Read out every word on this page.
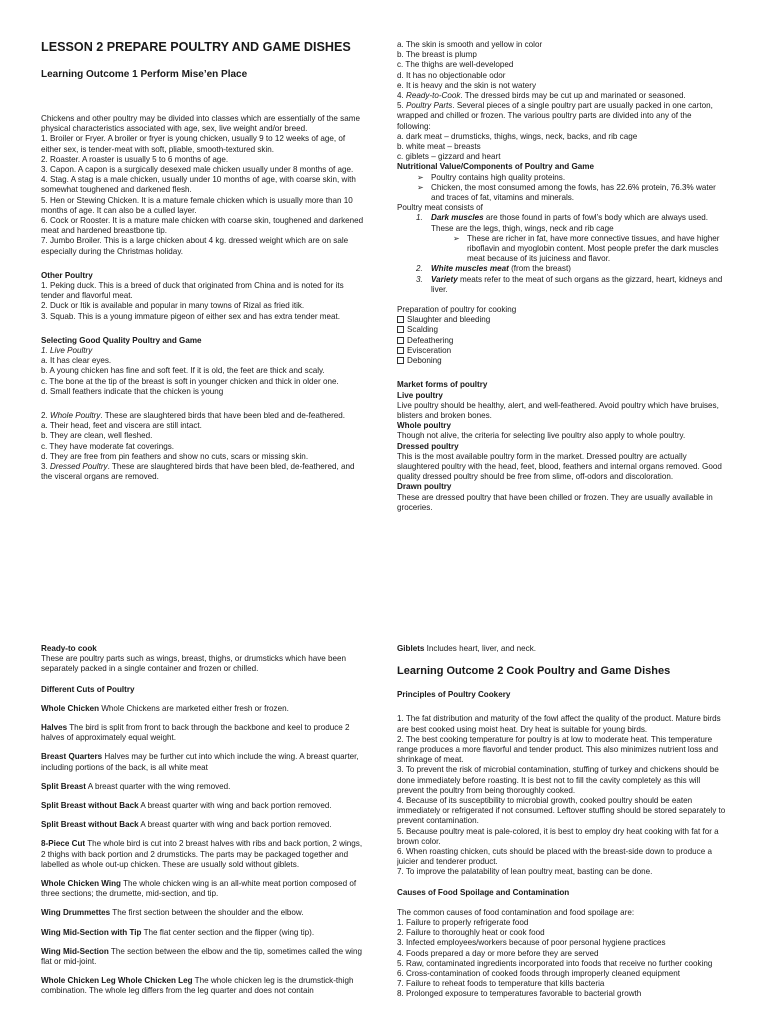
LESSON 2 PREPARE POULTRY AND GAME DISHES

Learning Outcome 1 Perform Mise’en Place

Chickens and other poultry may be divided into classes which are essentially of the same physical characteristics associated with age, sex, live weight and/or breed.

1. Broiler or Fryer. A broiler or fryer is young chicken, usually 9 to 12 weeks of age, of either sex, is tender-meat with soft, pliable, smooth-textured skin.

2. Roaster. A roaster is usually 5 to 6 months of age.

3. Capon. A capon is a surgically desexed male chicken usually under 8 months of age.

4. Stag. A stag is a male chicken, usually under 10 months of age, with coarse skin, with somewhat toughened and darkened flesh.

5. Hen or Stewing Chicken. It is a mature female chicken which is usually more than 10 months of age. It can also be a culled layer.

6. Cock or Rooster. It is a mature male chicken with coarse skin, toughened and darkened meat and hardened breastbone tip.

7. Jumbo Broiler. This is a large chicken about 4 kg. dressed weight which are on sale especially during the Christmas holiday.

Other Poultry

1. Peking duck. This is a breed of duck that originated from China and is noted for its tender and flavorful meat.

2. Duck or Itik is available and popular in many towns of Rizal as fried itik.

3. Squab. This is a young immature pigeon of either sex and has extra tender meat.

Selecting Good Quality Poultry and Game

1. Live Poultry

a. It has clear eyes.

b. A young chicken has fine and soft feet. If it is old, the feet are thick and scaly.

c. The bone at the tip of the breast is soft in younger chicken and thick in older one.

d. Small feathers indicate that the chicken is young

2. Whole Poultry. These are slaughtered birds that have been bled and de-feathered.

a. Their head, feet and viscera are still intact.

b. They are clean, well fleshed.

c. They have moderate fat coverings.

d. They are free from pin feathers and show no cuts, scars or missing skin.

3. Dressed Poultry. These are slaughtered birds that have been bled, de-feathered, and the visceral organs are removed.

a. The skin is smooth and yellow in color

b. The breast is plump

c. The thighs are well-developed

d. It has no objectionable odor

e. It is heavy and the skin is not watery

4. Ready-to-Cook. The dressed birds may be cut up and marinated or seasoned.

5. Poultry Parts. Several pieces of a single poultry part are usually packed in one carton, wrapped and chilled or frozen. The various poultry parts are divided into any of the following:

a. dark meat – drumsticks, thighs, wings, neck, backs, and rib cage

b. white meat – breasts

c. giblets – gizzard and heart

Nutritional Value/Components of Poultry and Game

➢ Poultry contains high quality proteins.

➢ Chicken, the most consumed among the fowls, has 22.6% protein, 76.3% water and traces of fat, vitamins and minerals.

Poultry meat consists of

1. Dark muscles are those found in parts of fowl’s body which are always used. These are the legs, thigh, wings, neck and rib cage

➢ These are richer in fat, have more connective tissues, and have higher riboflavin and myoglobin content. Most people prefer the dark muscles meat because of its juiciness and flavor.

2. White muscles meat (from the breast)

3. Variety meats refer to the meat of such organs as the gizzard, heart, kidneys and liver.

Preparation of poultry for cooking

Slaughter and bleeding

Scalding

Defeathering

Evisceration

Deboning

Market forms of poultry

Live poultry

Live poultry should be healthy, alert, and well-feathered. Avoid poultry which have bruises, blisters and broken bones.

Whole poultry

Though not alive, the criteria for selecting live poultry also apply to whole poultry.

Dressed poultry

This is the most available poultry form in the market. Dressed poultry are actually slaughtered poultry with the head, feet, blood, feathers and internal organs removed. Good quality dressed poultry should be free from slime, off-odors and discoloration.

Drawn poultry

These are dressed poultry that have been chilled or frozen. They are usually available in groceries.

Ready-to cook

These are poultry parts such as wings, breast, thighs, or drumsticks which have been separately packed in a single container and frozen or chilled.

Different Cuts of Poultry

Whole Chicken Whole Chickens are marketed either fresh or frozen.

Halves The bird is split from front to back through the backbone and keel to produce 2 halves of approximately equal weight.

Breast Quarters Halves may be further cut into which include the wing. A breast quarter, including portions of the back, is all white meat

Split Breast A breast quarter with the wing removed.

Split Breast without Back A breast quarter with wing and back portion removed.

Split Breast without Back A breast quarter with wing and back portion removed.

8-Piece Cut The whole bird is cut into 2 breast halves with ribs and back portion, 2 wings, 2 thighs with back portion and 2 drumsticks. The parts may be packaged together and labelled as whole out-up chicken. These are usually sold without giblets.

Whole Chicken Wing The whole chicken wing is an all-white meat portion composed of three sections; the drumette, mid-section, and tip.

Wing Drummettes The first section between the shoulder and the elbow.

Wing Mid-Section with Tip The flat center section and the flipper (wing tip).

Wing Mid-Section The section between the elbow and the tip, sometimes called the wing flat or mid-joint.

Whole Chicken Leg Whole Chicken Leg The whole chicken leg is the drumstick-thigh combination. The whole leg differs from the leg quarter and does not contain

Giblets Includes heart, liver, and neck.

Learning Outcome 2 Cook Poultry and Game Dishes

Principles of Poultry Cookery

1. The fat distribution and maturity of the fowl affect the quality of the product. Mature birds are best cooked using moist heat. Dry heat is suitable for young birds.

2. The best cooking temperature for poultry is at low to moderate heat. This temperature range produces a more flavorful and tender product. This also minimizes nutrient loss and shrinkage of meat.

3. To prevent the risk of microbial contamination, stuffing of turkey and chickens should be done immediately before roasting. It is best not to fill the cavity completely as this will prevent the poultry from being thoroughly cooked.

4. Because of its susceptibility to microbial growth, cooked poultry should be eaten immediately or refrigerated if not consumed. Leftover stuffing should be stored separately to prevent contamination.

5. Because poultry meat is pale-colored, it is best to employ dry heat cooking with fat for a brown color.

6. When roasting chicken, cuts should be placed with the breast-side down to produce a juicier and tenderer product.

7. To improve the palatability of lean poultry meat, basting can be done.

Causes of Food Spoilage and Contamination

The common causes of food contamination and food spoilage are:

1. Failure to properly refrigerate food

2. Failure to thoroughly heat or cook food

3. Infected employees/workers because of poor personal hygiene practices

4. Foods prepared a day or more before they are served

5. Raw, contaminated ingredients incorporated into foods that receive no further cooking

6. Cross-contamination of cooked foods through improperly cleaned equipment

7. Failure to reheat foods to temperature that kills bacteria

8. Prolonged exposure to temperatures favorable to bacterial growth
